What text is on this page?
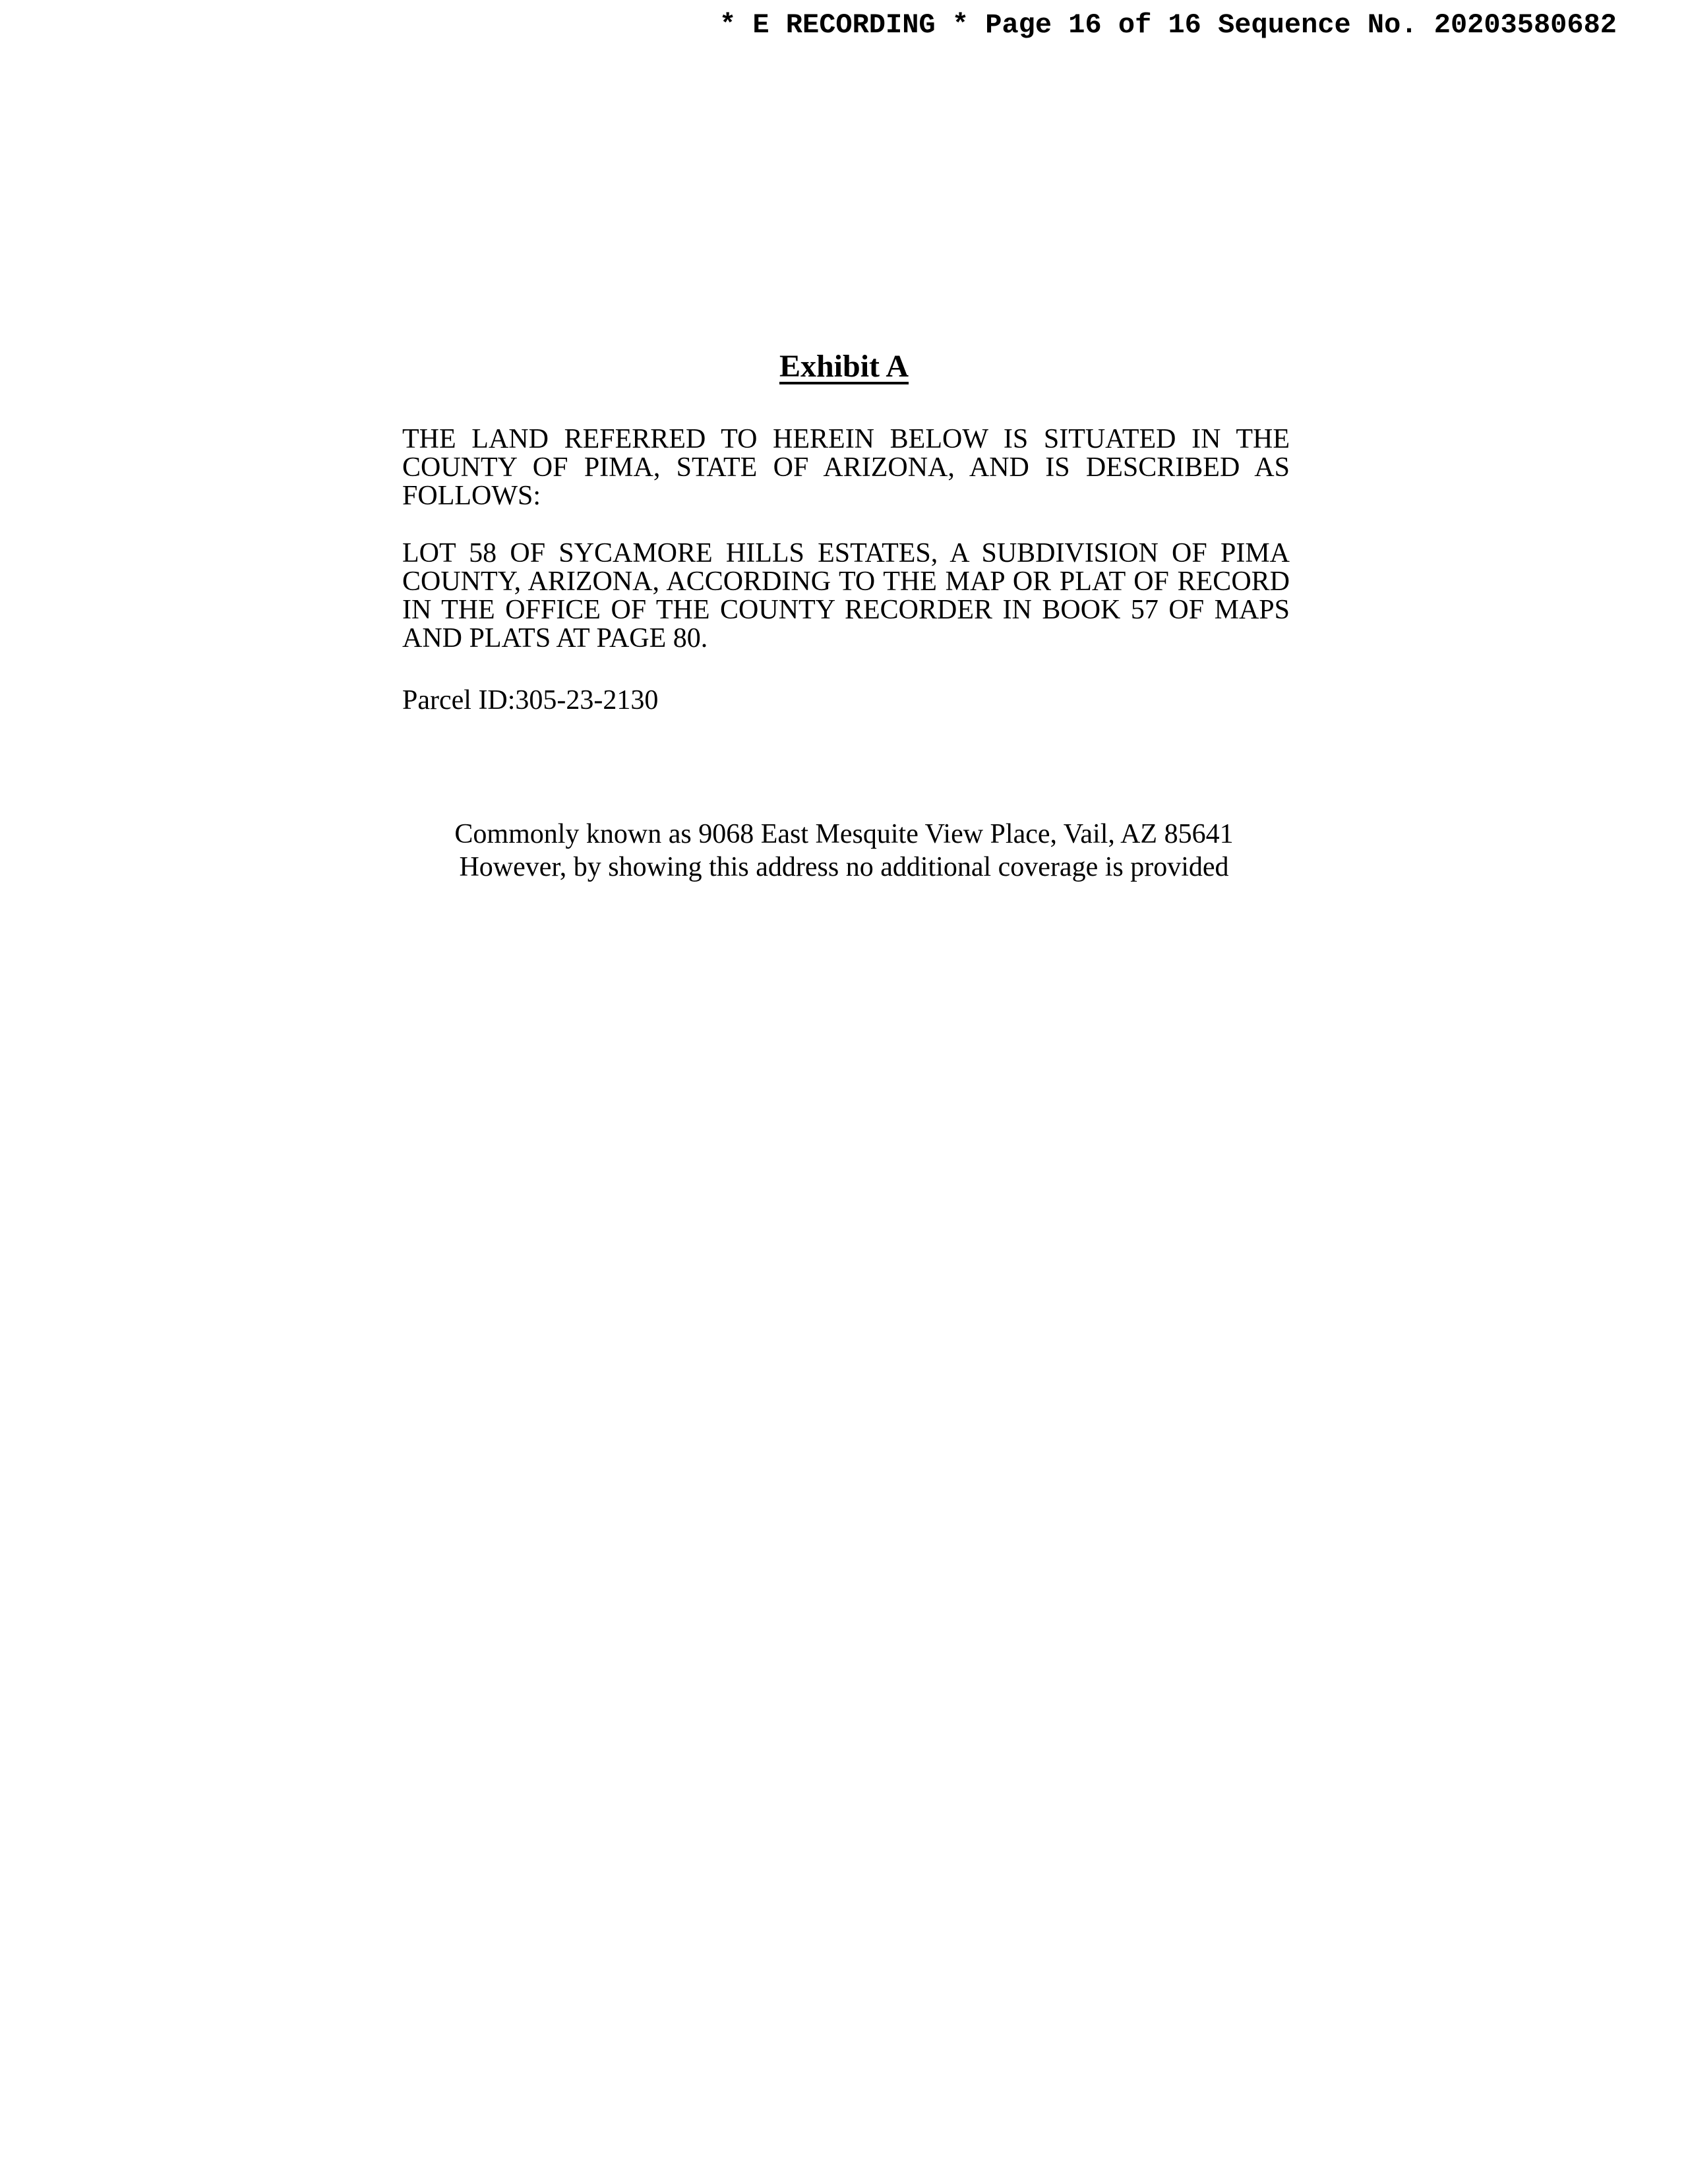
* E RECORDING * Page 16 of 16 Sequence No. 20203580682
Exhibit A
THE LAND REFERRED TO HEREIN BELOW IS SITUATED IN THE COUNTY OF PIMA, STATE OF ARIZONA, AND IS DESCRIBED AS FOLLOWS:
LOT 58 OF SYCAMORE HILLS ESTATES, A SUBDIVISION OF PIMA COUNTY, ARIZONA, ACCORDING TO THE MAP OR PLAT OF RECORD IN THE OFFICE OF THE COUNTY RECORDER IN BOOK 57 OF MAPS AND PLATS AT PAGE 80.
Parcel ID:305-23-2130
Commonly known as 9068 East Mesquite View Place, Vail, AZ 85641
However, by showing this address no additional coverage is provided
